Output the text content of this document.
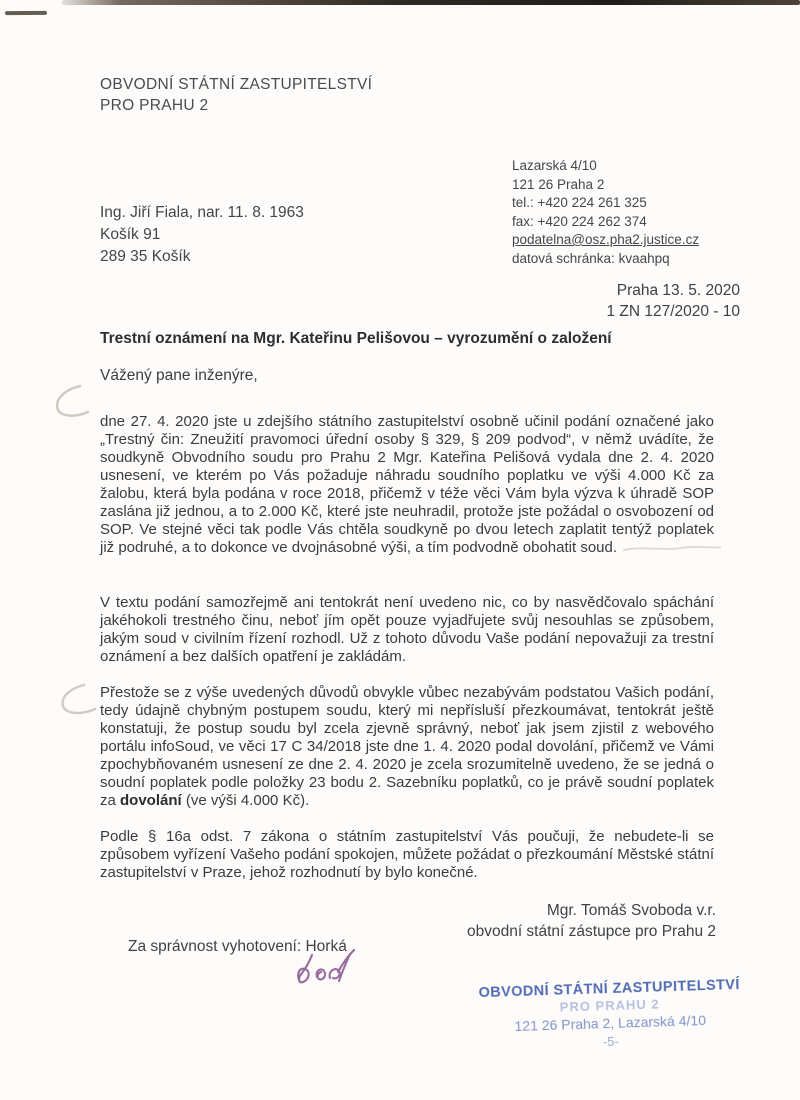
OBVODNÍ STÁTNÍ ZASTUPITELSTVÍ
PRO PRAHU 2
Lazarská 4/10
121 26 Praha 2
tel.: +420 224 261 325
fax: +420 224 262 374
podatelna@osz.pha2.justice.cz
datová schránka: kvaahpq
Ing. Jiří Fiala, nar. 11. 8. 1963
Košík 91
289 35 Košík
Praha 13. 5. 2020
1 ZN 127/2020 - 10
Trestní oznámení na Mgr. Kateřinu Pelišovou – vyrozumění o založení
Vážený pane inženýre,

dne 27. 4. 2020 jste u zdejšího státního zastupitelství osobně učinil podání označené jako „Trestný čin: Zneužití pravomoci úřední osoby § 329, § 209 podvod“, v němž uvádíte, že soudkyně Obvodního soudu pro Prahu 2 Mgr. Kateřina Pelišová vydala dne 2. 4. 2020 usnesení, ve kterém po Vás požaduje náhradu soudního poplatku ve výši 4.000 Kč za žalobu, která byla podána v roce 2018, přičemž v téže věci Vám byla výzva k úhradě SOP zaslána již jednou, a to 2.000 Kč, které jste neuhradil, protože jste požádal o osvobození od SOP. Ve stejné věci tak podle Vás chtěla soudkyně po dvou letech zaplatit tentýž poplatek již podruhé, a to dokonce ve dvojnásobné výši, a tím podvodně obohatit soud.

V textu podání samozřejmě ani tentokrát není uvedeno nic, co by nasvědčovalo spáchání jakéhokoli trestného činu, neboť jím opět pouze vyjadřujete svůj nesouhlas se způsobem, jakým soud v civilním řízení rozhodl. Už z tohoto důvodu Vaše podání nepovažuji za trestní oznámení a bez dalších opatření je zakládám.

Přestože se z výše uvedených důvodů obvykle vůbec nezabývám podstatou Vašich podání, tedy údajně chybným postupem soudu, který mi nepřísluší přezkoumávat, tentokrát ještě konstatuji, že postup soudu byl zcela zjevně správný, neboť jak jsem zjistil z webového portálu infoSoud, ve věci 17 C 34/2018 jste dne 1. 4. 2020 podal dovolání, přičemž ve Vámi zpochybňovaném usnesení ze dne 2. 4. 2020 je zcela srozumitelně uvedeno, že se jedná o soudní poplatek podle položky 23 bodu 2. Sazebníku poplatků, co je právě soudní poplatek za dovolání (ve výši 4.000 Kč).

Podle § 16a odst. 7 zákona o státním zastupitelství Vás poučuji, že nebudete-li se způsobem vyřízení Vašeho podání spokojen, můžete požádat o přezkoumání Městské státní zastupitelství v Praze, jehož rozhodnutí by bylo konečné.

Mgr. Tomáš Svoboda v.r.
obvodní státní zástupce pro Prahu 2
Za správnost vyhotovení: Horká
OBVODNÍ STÁTNÍ ZASTUPITELSTVÍ
PRO PRAHU 2
121 26 Praha 2, Lazarská 4/10
-5-
